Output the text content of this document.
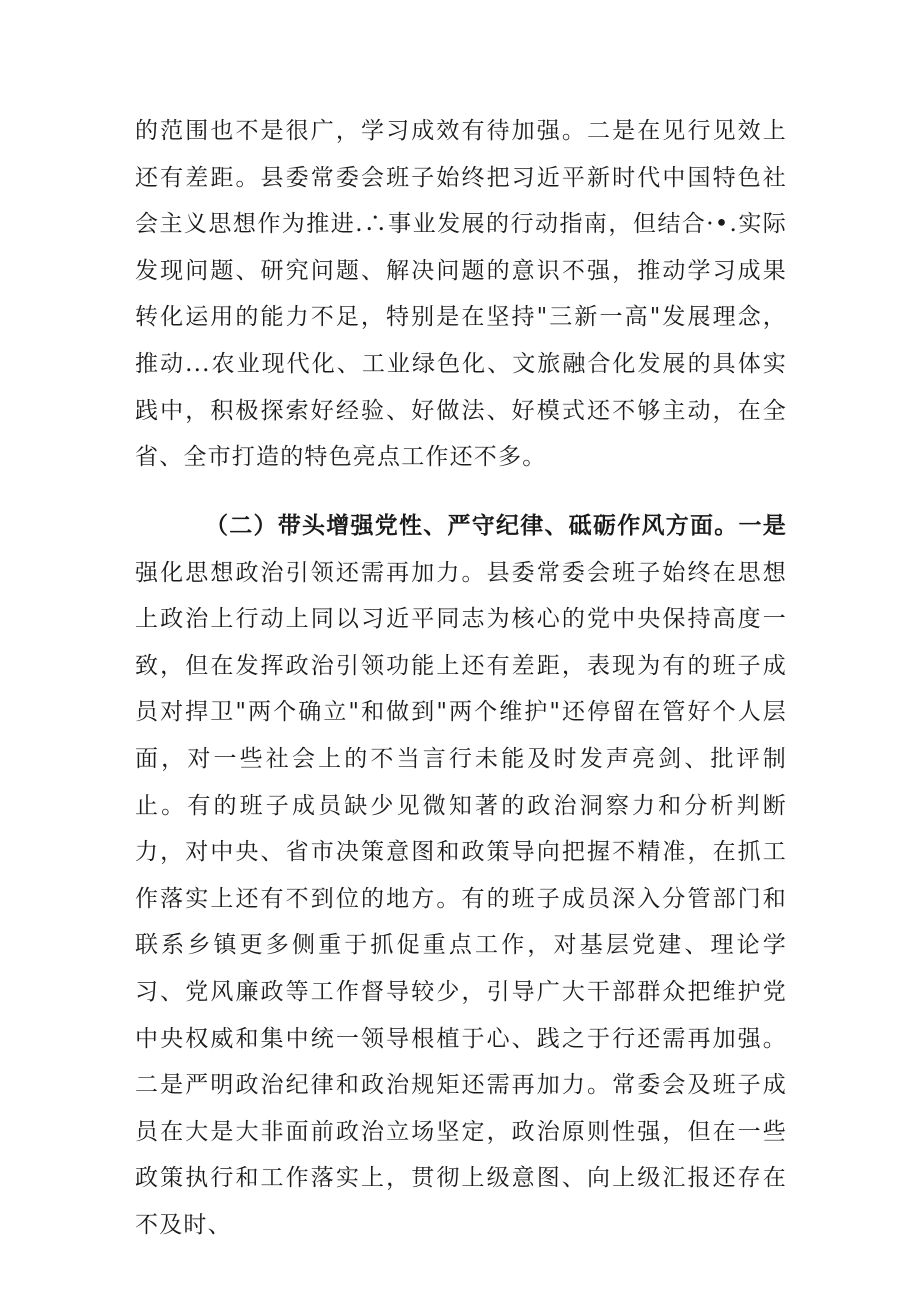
的范围也不是很广，学习成效有待加强。二是在见行见效上还有差距。县委常委会班子始终把习近平新时代中国特色社会主义思想作为推进.∴事业发展的行动指南，但结合·•.实际发现问题、研究问题、解决问题的意识不强，推动学习成果转化运用的能力不足，特别是在坚持"三新一高"发展理念，推动...农业现代化、工业绿色化、文旅融合化发展的具体实践中，积极探索好经验、好做法、好模式还不够主动，在全省、全市打造的特色亮点工作还不多。
（二）带头增强党性、严守纪律、砥砺作风方面。一是强化思想政治引领还需再加力。县委常委会班子始终在思想上政治上行动上同以习近平同志为核心的党中央保持高度一致，但在发挥政治引领功能上还有差距，表现为有的班子成员对捍卫"两个确立"和做到"两个维护"还停留在管好个人层面，对一些社会上的不当言行未能及时发声亮剑、批评制止。有的班子成员缺少见微知著的政治洞察力和分析判断力，对中央、省市决策意图和政策导向把握不精准，在抓工作落实上还有不到位的地方。有的班子成员深入分管部门和联系乡镇更多侧重于抓促重点工作，对基层党建、理论学习、党风廉政等工作督导较少，引导广大干部群众把维护党中央权威和集中统一领导根植于心、践之于行还需再加强。二是严明政治纪律和政治规矩还需再加力。常委会及班子成员在大是大非面前政治立场坚定，政治原则性强，但在一些政策执行和工作落实上，贯彻上级意图、向上级汇报还存在不及时、
